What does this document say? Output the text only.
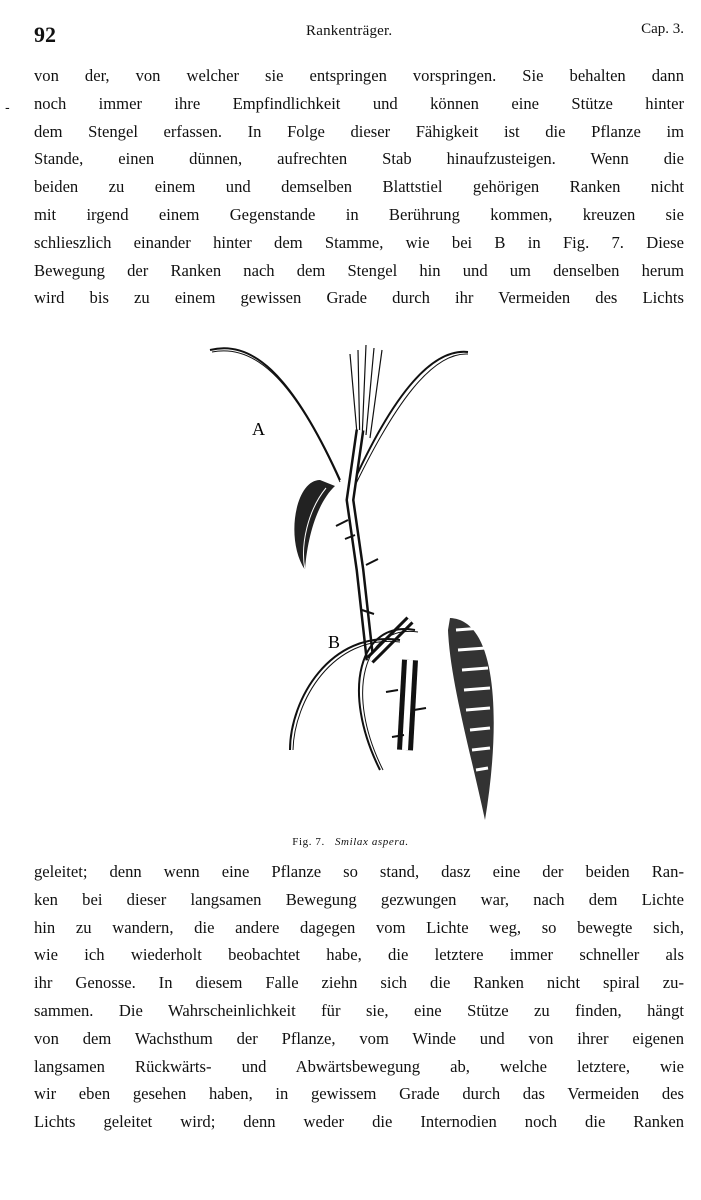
92	Rankenträger.	Cap. 3.
-
von der, von welcher sie entspringen vorspringen. Sie behalten dann
noch immer ihre Empfindlichkeit und können eine Stütze hinter
dem Stengel erfassen. In Folge dieser Fähigkeit ist die Pflanze im
Stande, einen dünnen, aufrechten Stab hinaufzusteigen. Wenn die
beiden zu einem und demselben Blattstiel gehörigen Ranken nicht
mit irgend einem Gegenstande in Berührung kommen, kreuzen sie
schlieszlich einander hinter dem Stamme, wie bei B in Fig. 7. Diese
Bewegung der Ranken nach dem Stengel hin und um denselben herum
wird bis zu einem gewissen Grade durch ihr Vermeiden des Lichts
A
B
Fig. 7. Smilax aspera.
geleitet; denn wenn eine Pflanze so stand, dasz eine der beiden Ran-
ken bei dieser langsamen Bewegung gezwungen war, nach dem Lichte
hin zu wandern, die andere dagegen vom Lichte weg, so bewegte sich,
wie ich wiederholt beobachtet habe, die letztere immer schneller als
ihr Genosse. In diesem Falle ziehn sich die Ranken nicht spiral zu-
sammen. Die Wahrscheinlichkeit für sie, eine Stütze zu finden, hängt
von dem Wachsthum der Pflanze, vom Winde und von ihrer eigenen
langsamen Rückwärts- und Abwärtsbewegung ab, welche letztere, wie
wir eben gesehen haben, in gewissem Grade durch das Vermeiden des
Lichts geleitet wird; denn weder die Internodien noch die Ranken
